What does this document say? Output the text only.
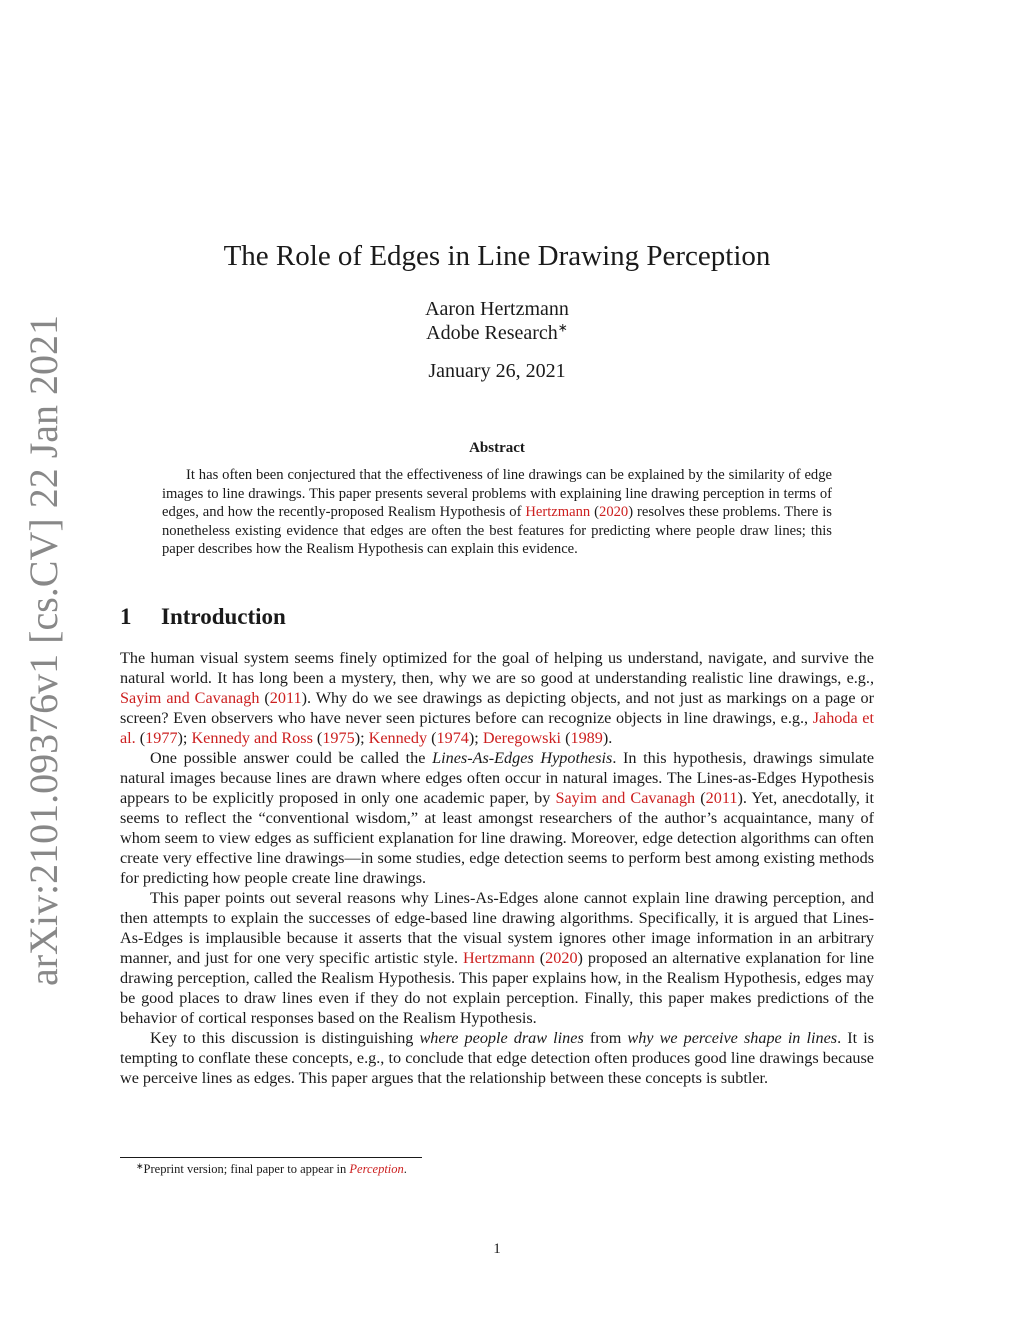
arXiv:2101.09376v1 [cs.CV] 22 Jan 2021
The Role of Edges in Line Drawing Perception
Aaron Hertzmann
Adobe Research∗
January 26, 2021
Abstract
It has often been conjectured that the effectiveness of line drawings can be explained by the similarity of edge images to line drawings. This paper presents several problems with explaining line drawing perception in terms of edges, and how the recently-proposed Realism Hypothesis of Hertzmann (2020) resolves these problems. There is nonetheless existing evidence that edges are often the best features for predicting where people draw lines; this paper describes how the Realism Hypothesis can explain this evidence.
1 Introduction

The human visual system seems finely optimized for the goal of helping us understand, navigate, and survive the natural world. It has long been a mystery, then, why we are so good at understanding realistic line drawings, e.g., Sayim and Cavanagh (2011). Why do we see drawings as depicting objects, and not just as markings on a page or screen? Even observers who have never seen pictures before can recognize objects in line drawings, e.g., Jahoda et al. (1977); Kennedy and Ross (1975); Kennedy (1974); Deregowski (1989).

One possible answer could be called the Lines-As-Edges Hypothesis. In this hypothesis, drawings simulate natural images because lines are drawn where edges often occur in natural images. The Lines-as-Edges Hypothesis appears to be explicitly proposed in only one academic paper, by Sayim and Cavanagh (2011). Yet, anecdotally, it seems to reflect the “conventional wisdom,” at least amongst researchers of the author’s acquaintance, many of whom seem to view edges as sufficient explanation for line drawing. Moreover, edge detection algorithms can often create very effective line drawings—in some studies, edge detection seems to perform best among existing methods for predicting how people create line drawings.

This paper points out several reasons why Lines-As-Edges alone cannot explain line drawing perception, and then attempts to explain the successes of edge-based line drawing algorithms. Specifically, it is argued that Lines-As-Edges is implausible because it asserts that the visual system ignores other image information in an arbitrary manner, and just for one very specific artistic style. Hertzmann (2020) proposed an alternative explanation for line drawing perception, called the Realism Hypothesis. This paper explains how, in the Realism Hypothesis, edges may be good places to draw lines even if they do not explain perception. Finally, this paper makes predictions of the behavior of cortical responses based on the Realism Hypothesis.

Key to this discussion is distinguishing where people draw lines from why we perceive shape in lines. It is tempting to conflate these concepts, e.g., to conclude that edge detection often produces good line drawings because we perceive lines as edges. This paper argues that the relationship between these concepts is subtler.

∗Preprint version; final paper to appear in Perception.
1
